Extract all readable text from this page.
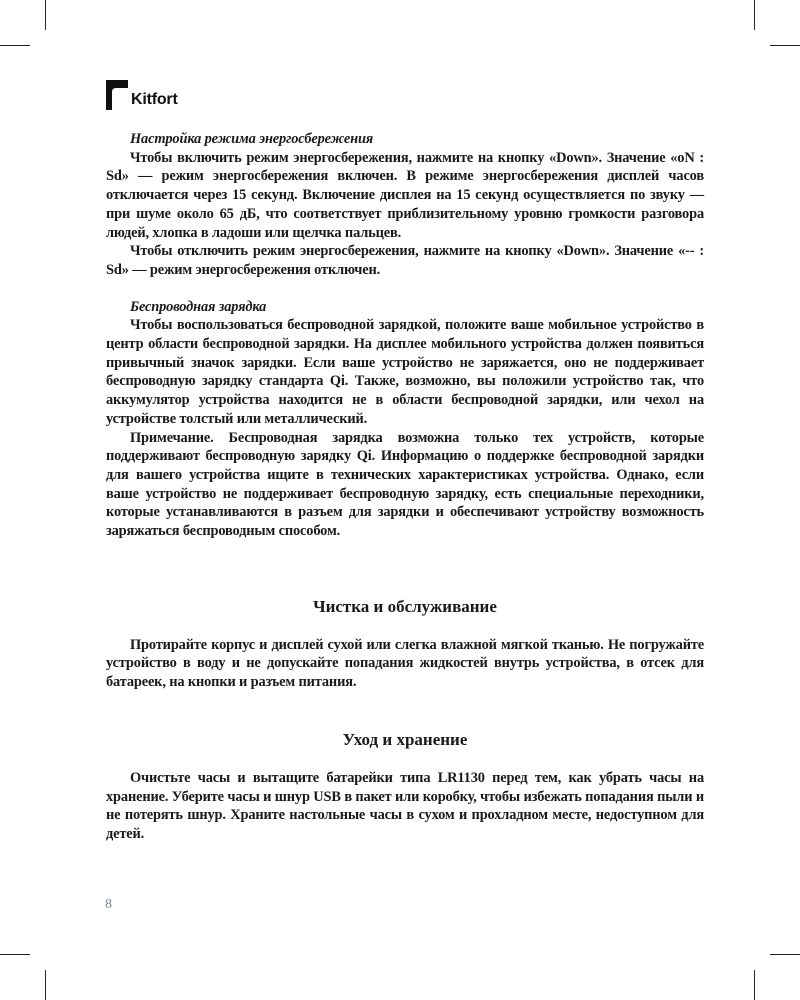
Kitfort

Настройка режима энергосбережения

Чтобы включить режим энергосбережения, нажмите на кнопку «Down». Значение «oN : Sd» — режим энергосбережения включен. В режиме энергосбережения дисплей часов отключается через 15 секунд. Включение дисплея на 15 секунд осуществляется по звуку — при шуме около 65 дБ, что соответствует приблизительному уровню громкости разговора людей, хлопка в ладоши или щелчка пальцев.

Чтобы отключить режим энергосбережения, нажмите на кнопку «Down». Значение «-- : Sd» — режим энергосбережения отключен.

Беспроводная зарядка

Чтобы воспользоваться беспроводной зарядкой, положите ваше мобильное устройство в центр области беспроводной зарядки. На дисплее мобильного устройства должен появиться привычный значок зарядки. Если ваше устройство не заряжается, оно не поддерживает беспроводную зарядку стандарта Qi. Также, возможно, вы положили устройство так, что аккумулятор устройства находится не в области беспроводной зарядки, или чехол на устройстве толстый или металлический.

Примечание. Беспроводная зарядка возможна только тех устройств, которые поддерживают беспроводную зарядку Qi. Информацию о поддержке беспроводной зарядки для вашего устройства ищите в технических характеристиках устройства. Однако, если ваше устройство не поддерживает беспроводную зарядку, есть специальные переходники, которые устанавливаются в разъем для зарядки и обеспечивают устройству возможность заряжаться беспроводным способом.

Чистка и обслуживание

Протирайте корпус и дисплей сухой или слегка влажной мягкой тканью. Не погружайте устройство в воду и не допускайте попадания жидкостей внутрь устройства, в отсек для батареек, на кнопки и разъем питания.

Уход и хранение

Очистьте часы и вытащите батарейки типа LR1130 перед тем, как убрать часы на хранение. Уберите часы и шнур USB в пакет или коробку, чтобы избежать попадания пыли и не потерять шнур. Храните настольные часы в сухом и прохладном месте, недоступном для детей.

8
